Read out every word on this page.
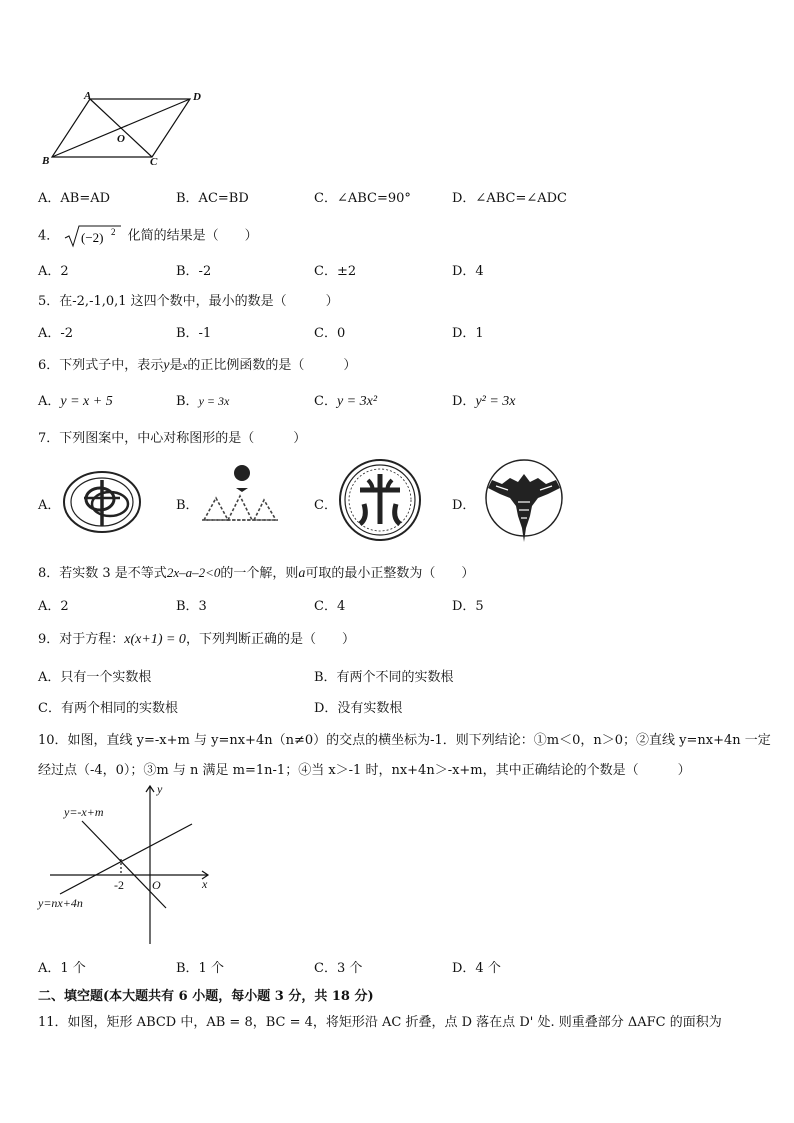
A	D
B	C
O
A．AB=AD	B．AC=BD	C．∠ABC=90°	D．∠ABC=∠ADC
4． (−2) 2 化简的结果是（　　）
A．2	B．-2	C．±2	D．4
5．在-2,-1,0,1 这四个数中，最小的数是（　　　）
A．-2	B．-1	C．0	D．1
6．下列式子中，表示y是x的正比例函数的是（　　　）
A．y = x + 5	B．y = 3x	C．y = 3x²	D．y² = 3x
7．下列图案中，中心对称图形的是（　　　）
A．	B．	C．	D．
8．若实数 3 是不等式2x–a–2<0的一个解，则a可取的最小正整数为（　　）
A．2	B．3	C．4	D．5
9．对于方程：x(x+1) = 0，下列判断正确的是（　　）
A．只有一个实数根	B．有两个不同的实数根
C．有两个相同的实数根	D．没有实数根
10．如图，直线 y=-x+m 与 y=nx+4n（n≠0）的交点的横坐标为-1．则下列结论：①m＜0，n＞0；②直线 y=nx+4n 一定
经过点（-4，0）；③m 与 n 满足 m=1n-1；④当 x＞-1 时，nx+4n＞-x+m，其中正确结论的个数是（　　　）
y
x
O
y=-x+m
y=nx+4n
-2
A．1 个	B．1 个	C．3 个	D．4 个
二、填空题(本大题共有 6 小题，每小题 3 分，共 18 分)
11．如图，矩形 ABCD 中，AB = 8，BC = 4，将矩形沿 AC 折叠，点 D 落在点 D' 处. 则重叠部分 ΔAFC 的面积为
